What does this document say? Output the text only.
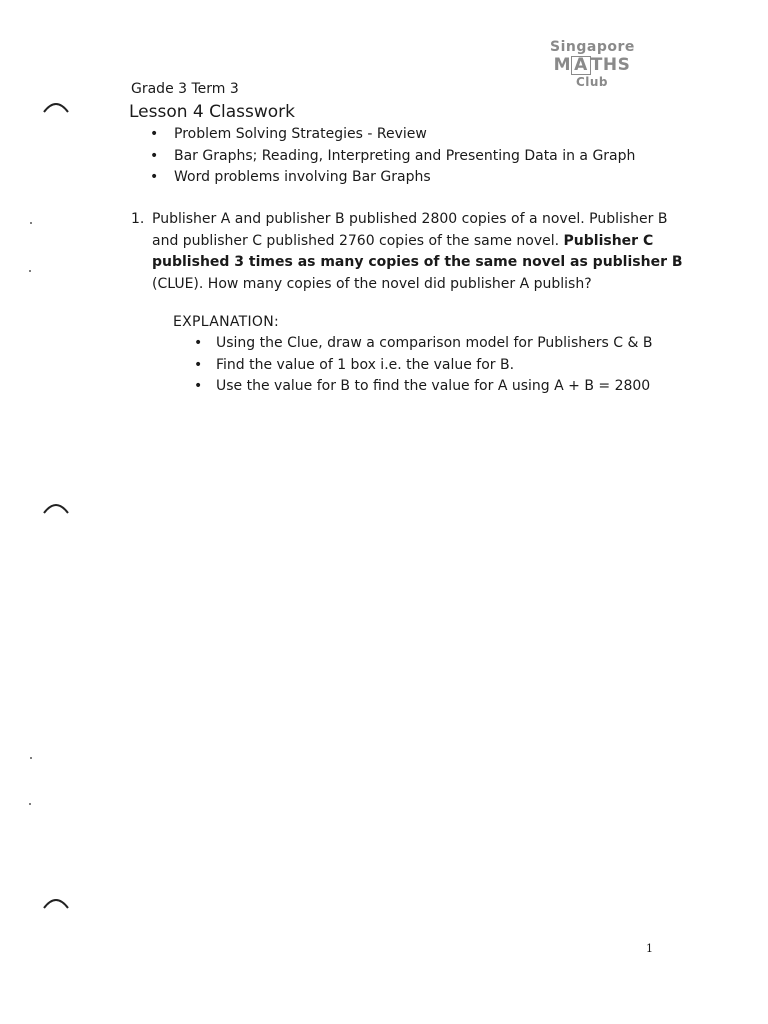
Singapore
M A THS
Club
Grade 3 Term 3
Lesson 4 Classwork
• Problem Solving Strategies - Review
• Bar Graphs; Reading, Interpreting and Presenting Data in a Graph
• Word problems involving Bar Graphs
1. Publisher A and publisher B published 2800 copies of a novel. Publisher B
and publisher C published 2760 copies of the same novel. Publisher C
published 3 times as many copies of the same novel as publisher B
(CLUE). How many copies of the novel did publisher A publish?
EXPLANATION:
• Using the Clue, draw a comparison model for Publishers C & B
• Find the value of 1 box i.e. the value for B.
• Use the value for B to find the value for A using A + B = 2800
1
